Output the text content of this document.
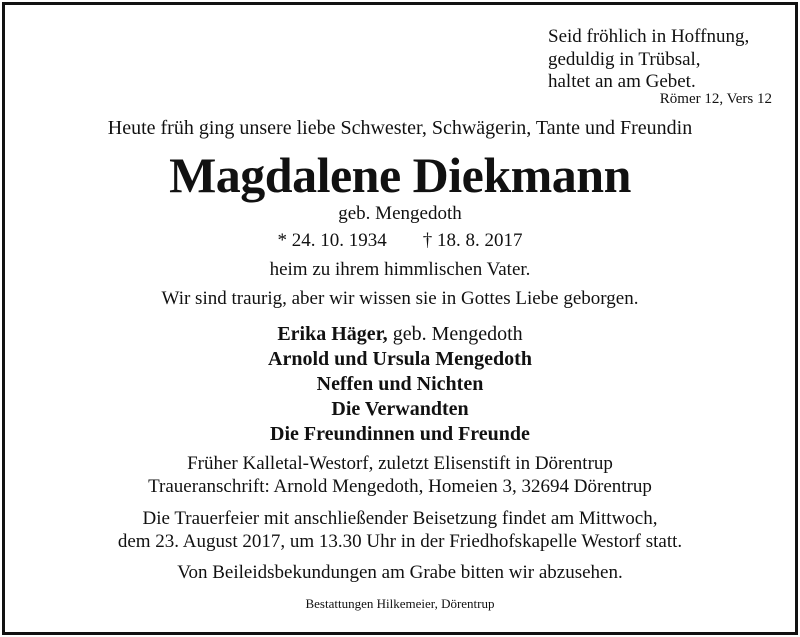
Seid fröhlich in Hoffnung,
geduldig in Trübsal,
haltet an am Gebet.
Römer 12, Vers 12
Heute früh ging unsere liebe Schwester, Schwägerin, Tante und Freundin
Magdalene Diekmann
geb. Mengedoth
* 24. 10. 1934 † 18. 8. 2017
heim zu ihrem himmlischen Vater.
Wir sind traurig, aber wir wissen sie in Gottes Liebe geborgen.
Erika Häger, geb. Mengedoth
Arnold und Ursula Mengedoth
Neffen und Nichten
Die Verwandten
Die Freundinnen und Freunde
Früher Kalletal-Westorf, zuletzt Elisenstift in Dörentrup
Traueranschrift: Arnold Mengedoth, Homeien 3, 32694 Dörentrup
Die Trauerfeier mit anschließender Beisetzung findet am Mittwoch,
dem 23. August 2017, um 13.30 Uhr in der Friedhofskapelle Westorf statt.
Von Beileidsbekundungen am Grabe bitten wir abzusehen.
Bestattungen Hilkemeier, Dörentrup
